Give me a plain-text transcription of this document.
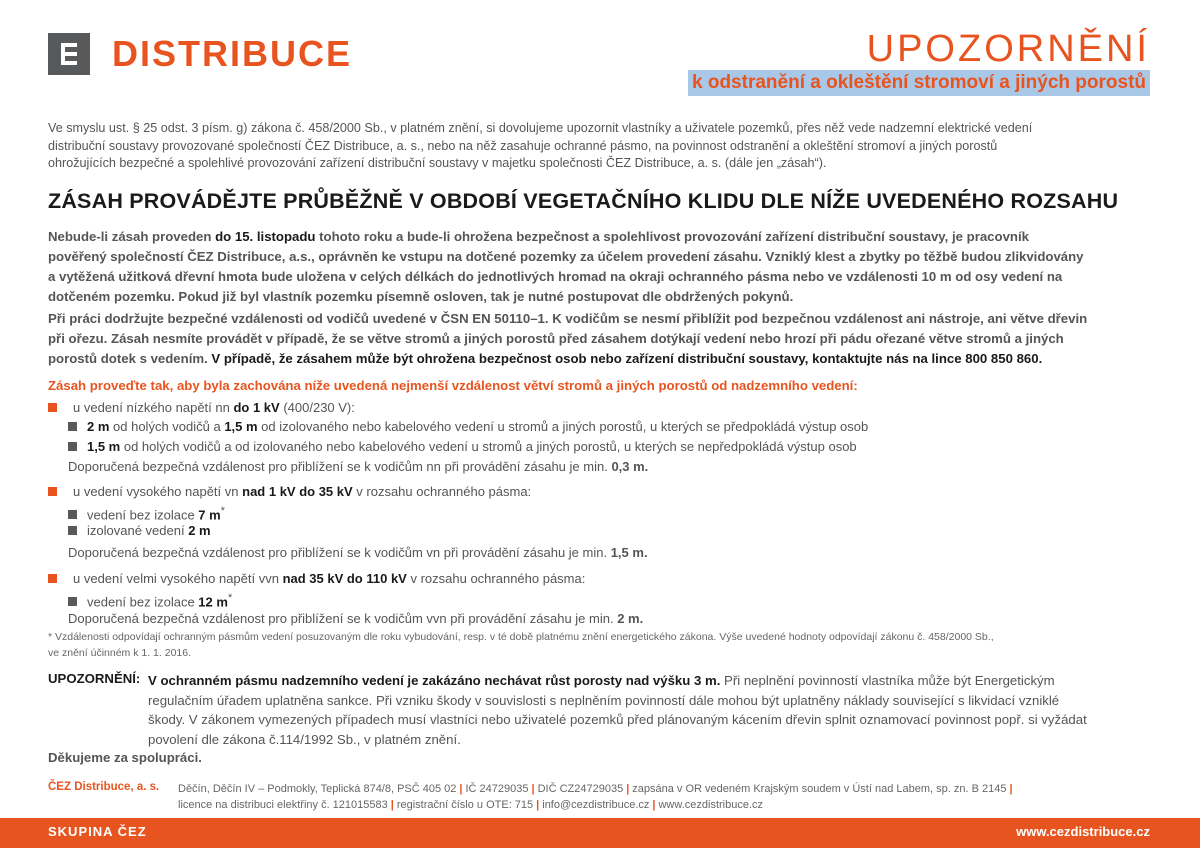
DISTRIBUCE	UPOZORNĚNÍ
k odstranění a okleštění stromoví a jiných porostů
Ve smyslu ust. § 25 odst. 3 písm. g) zákona č. 458/2000 Sb., v platném znění, si dovolujeme upozornit vlastníky a uživatele pozemků, přes něž vede nadzemní elektrické vedení
distribuční soustavy provozované společností ČEZ Distribuce, a. s., nebo na něž zasahuje ochranné pásmo, na povinnost odstranění a okleštění stromoví a jiných porostů
ohrožujících bezpečné a spolehlivé provozování zařízení distribuční soustavy v majetku společnosti ČEZ Distribuce, a. s. (dále jen „zásah“).
ZÁSAH PROVÁDĚJTE PRŮBĚŽNĚ V OBDOBÍ VEGETAČNÍHO KLIDU DLE NÍŽE UVEDENÉHO ROZSAHU
Nebude-li zásah proveden do 15. listopadu tohoto roku a bude-li ohrožena bezpečnost a spolehlivost provozování zařízení distribuční soustavy, je pracovník
pověřený společností ČEZ Distribuce, a.s., oprávněn ke vstupu na dotčené pozemky za účelem provedení zásahu. Vzniklý klest a zbytky po těžbě budou zlikvidovány
a vytěžená užitková dřevní hmota bude uložena v celých délkách do jednotlivých hromad na okraji ochranného pásma nebo ve vzdálenosti 10 m od osy vedení na
dotčeném pozemku. Pokud již byl vlastník pozemku písemně osloven, tak je nutné postupovat dle obdržených pokynů.
Při práci dodržujte bezpečné vzdálenosti od vodičů uvedené v ČSN EN 50110–1. K vodičům se nesmí přiblížit pod bezpečnou vzdálenost ani nástroje, ani větve dřevin
při ořezu. Zásah nesmíte provádět v případě, že se větve stromů a jiných porostů před zásahem dotýkají vedení nebo hrozí při pádu ořezané větve stromů a jiných
porostů dotek s vedením. V případě, že zásahem může být ohrožena bezpečnost osob nebo zařízení distribuční soustavy, kontaktujte nás na lince 800 850 860.
Zásah proveďte tak, aby byla zachována níže uvedená nejmenší vzdálenost větví stromů a jiných porostů od nadzemního vedení:
u vedení nízkého napětí nn do 1 kV (400/230 V):
2 m od holých vodičů a 1,5 m od izolovaného nebo kabelového vedení u stromů a jiných porostů, u kterých se předpokládá výstup osob
1,5 m od holých vodičů a od izolovaného nebo kabelového vedení u stromů a jiných porostů, u kterých se nepředpokládá výstup osob
Doporučená bezpečná vzdálenost pro přiblížení se k vodičům nn při provádění zásahu je min. 0,3 m.
u vedení vysokého napětí vn nad 1 kV do 35 kV v rozsahu ochranného pásma:
vedení bez izolace 7 m*
izolované vedení 2 m
Doporučená bezpečná vzdálenost pro přiblížení se k vodičům vn při provádění zásahu je min. 1,5 m.
u vedení velmi vysokého napětí vvn nad 35 kV do 110 kV v rozsahu ochranného pásma:
vedení bez izolace 12 m*
Doporučená bezpečná vzdálenost pro přiblížení se k vodičům vvn při provádění zásahu je min. 2 m.
* Vzdálenosti odpovídají ochranným pásmům vedení posuzovaným dle roku vybudování, resp. v té době platnému znění energetického zákona. Výše uvedené hodnoty odpovídají zákonu č. 458/2000 Sb.,
ve znění účinném k 1. 1. 2016.
UPOZORNĚNÍ: V ochranném pásmu nadzemního vedení je zakázáno nechávat růst porosty nad výšku 3 m. Při neplnění povinností vlastníka může být Energetickým
regulačním úřadem uplatněna sankce. Při vzniku škody v souvislosti s neplněním povinností dále mohou být uplatněny náklady související s likvidací vzniklé
škody. V zákonem vymezených případech musí vlastníci nebo uživatelé pozemků před plánovaným kácením dřevin splnit oznamovací povinnost popř. si vyžádat
povolení dle zákona č.114/1992 Sb., v platném znění.
Děkujeme za spolupráci.
ČEZ Distribuce, a. s. Děčín, Děčín IV – Podmokly, Teplická 874/8, PSČ 405 02 | IČ 24729035 | DIČ CZ24729035 | zapsána v OR vedeném Krajským soudem v Ústí nad Labem, sp. zn. B 2145 |
licence na distribuci elektřiny č. 121015583 | registrační číslo u OTE: 715 | info@cezdistribuce.cz | www.cezdistribuce.cz
SKUPINA ČEZ	www.cezdistribuce.cz
